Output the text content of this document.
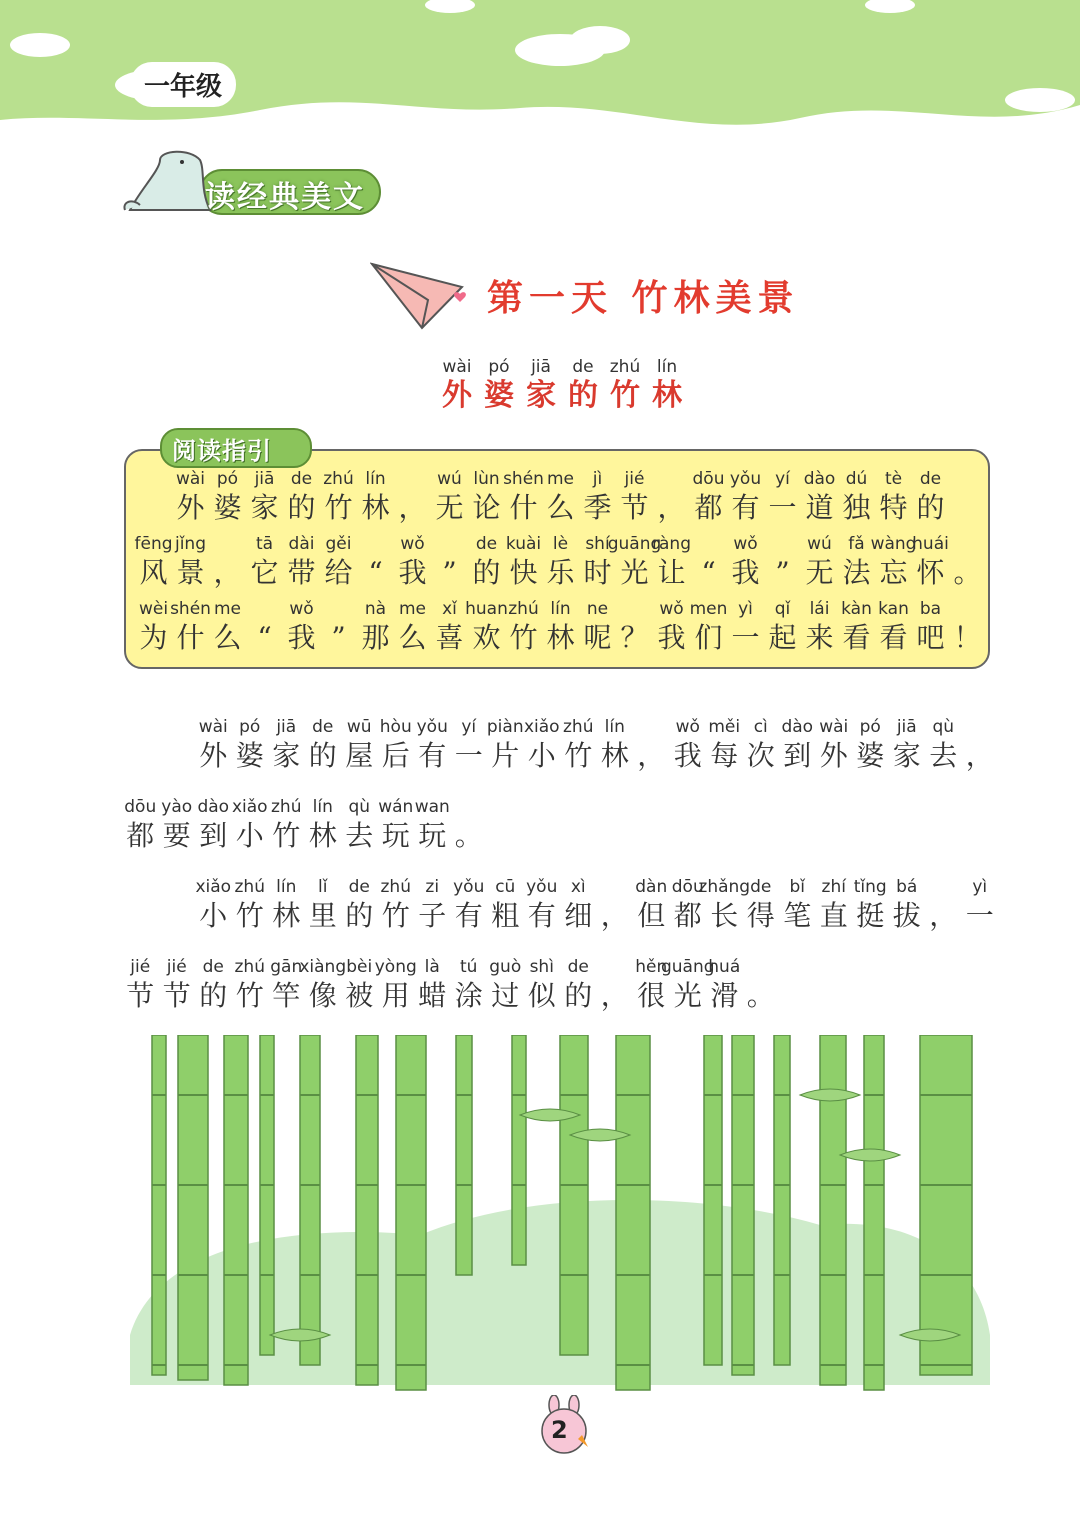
一年级
读经典美文
第一天 竹林美景
wài
外
pó
婆
jiā
家
de
的
zhú
竹
lín
林
阅读指引
wài
外
pó
婆
jiā
家
de
的
zhú
竹
lín
林 ，
wú
无
lùn
论
shén
什
me
么
jì
季
jié
节 ，
dōu
都
yǒu
有
yí
一
dào
道
dú
独
tè
特
de
的
fēng
风
jǐng
景 ，
tā
它
dài
带
gěi
给 “
wǒ
我 ”
de
的
kuài
快
lè
乐
shí
时
guāng
光
ràng
让 “
wǒ
我 ”
wú
无
fǎ
法
wàng
忘
huái
怀 。
wèi
为
shén
什
me
么 “
wǒ
我 ”
nà
那
me
么
xǐ
喜
huan
欢
zhú
竹
lín
林
ne
呢 ？
wǒ
我
men
们
yì
一
qǐ
起
lái
来
kàn
看
kan
看
ba
吧 ！
wài
外
pó
婆
jiā
家
de
的
wū
屋
hòu
后
yǒu
有
yí
一
piàn
片
xiǎo
小
zhú
竹
lín
林 ，
wǒ
我
měi
每
cì
次
dào
到
wài
外
pó
婆
jiā
家
qù
去 ，
dōu
都
yào
要
dào
到
xiǎo
小
zhú
竹
lín
林
qù
去
wán
玩
wan
玩 。
xiǎo
小
zhú
竹
lín
林
lǐ
里
de
的
zhú
竹
zi
子
yǒu
有
cū
粗
yǒu
有
xì
细 ，
dàn
但
dōu
都
zhǎng
长
de
得
bǐ
笔
zhí
直
tǐng
挺
bá
拔 ，
yì
一
jié
节
jié
节
de
的
zhú
竹
gān
竿
xiàng
像
bèi
被
yòng
用
là
蜡
tú
涂
guò
过
shì
似
de
的 ，
hěn
很
guāng
光
huá
滑 。
2
